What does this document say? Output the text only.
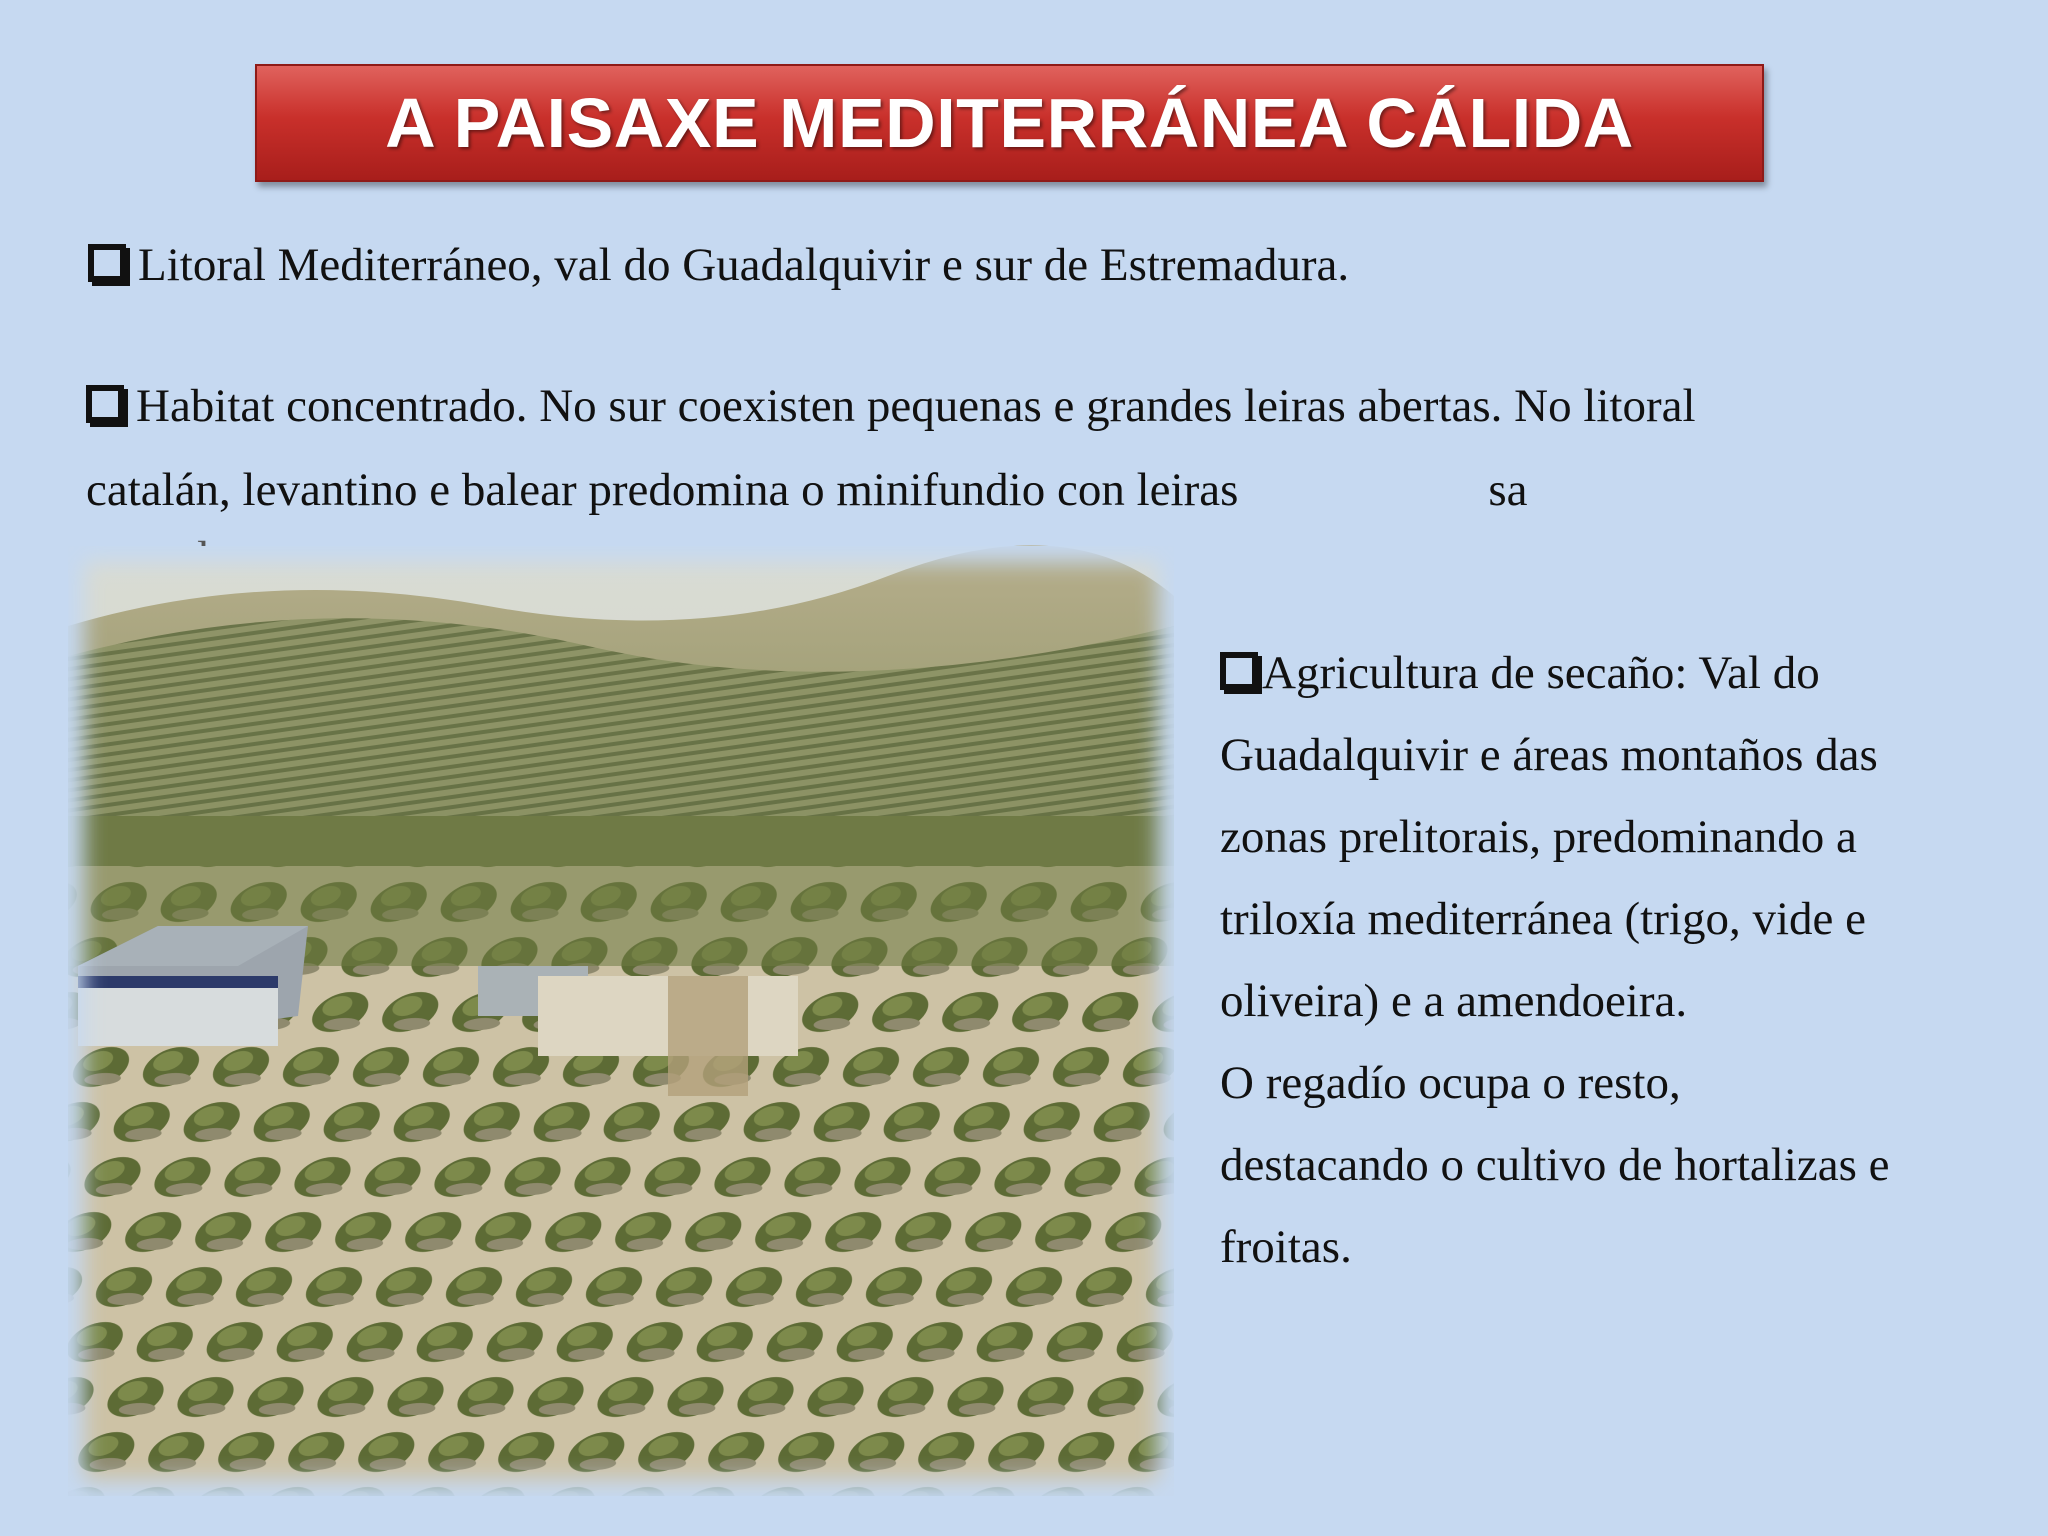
A PAISAXE MEDITERRÁNEA CÁLIDA
Litoral Mediterráneo, val do Guadalquivir e sur de Estremadura.
Habitat concentrado. No sur coexisten pequenas e grandes leiras abertas. No litoral
catalán, levantino e balear predomina o minifundio con leiras	sa
Agricultura de secaño: Val do
Guadalquivir e áreas montaños das
zonas prelitorais, predominando a
triloxía mediterránea (trigo, vide e
oliveira) e a amendoeira.
O regadío ocupa o resto,
destacando o cultivo de hortalizas e
froitas.
